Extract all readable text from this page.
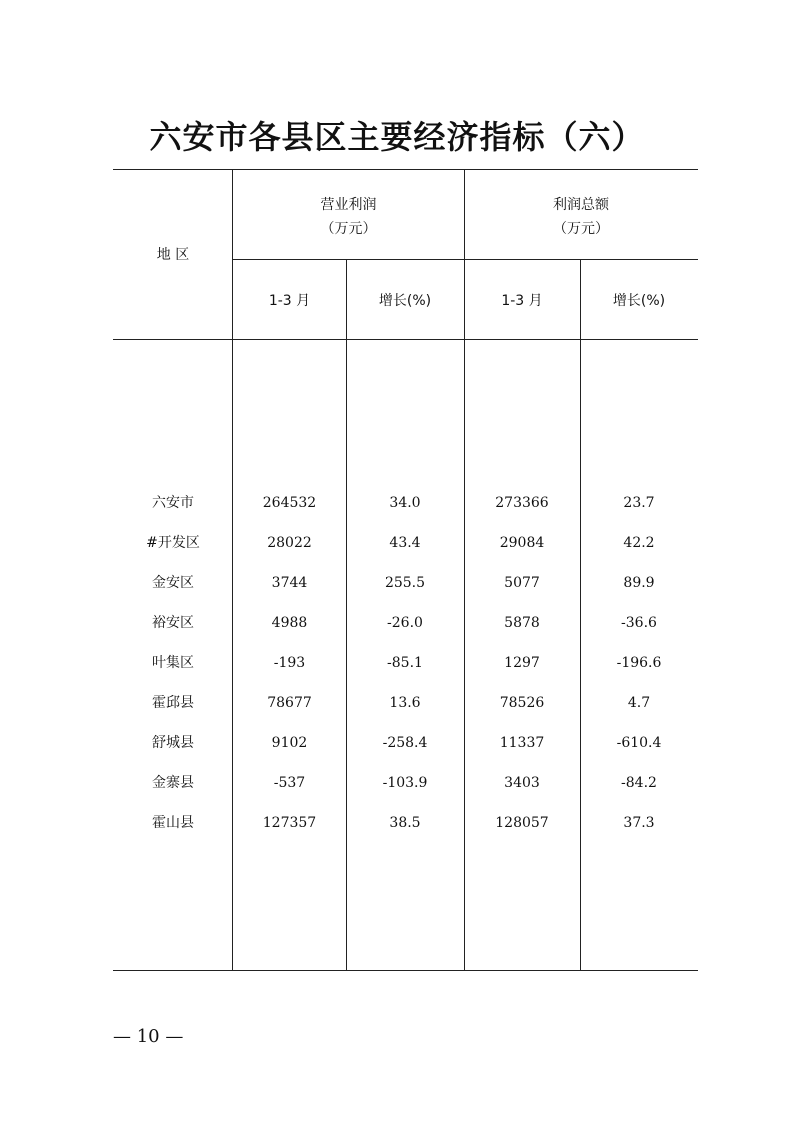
六安市各县区主要经济指标（六）
地 区
营业利润
（万元）
利润总额
（万元）
1-3 月	增长(%)	1-3 月	增长(%)
六安市	264532	34.0	273366	23.7
#开发区	28022	43.4	29084	42.2
金安区	3744	255.5	5077	89.9
裕安区	4988	-26.0	5878	-36.6
叶集区	-193	-85.1	1297	-196.6
霍邱县	78677	13.6	78526	4.7
舒城县	9102	-258.4	11337	-610.4
金寨县	-537	-103.9	3403	-84.2
霍山县	127357	38.5	128057	37.3
— 10 —
